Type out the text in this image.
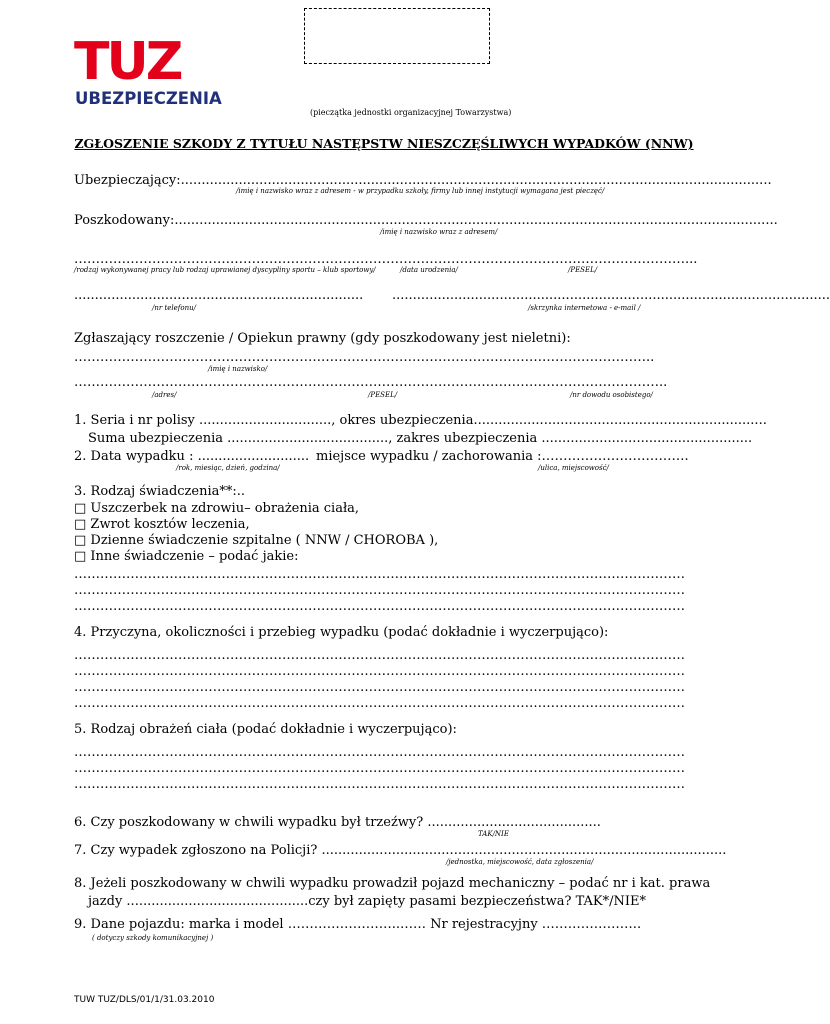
TUZ
UBEZPIECZENIA
(pieczątka jednostki organizacyjnej Towarzystwa)
ZGŁOSZENIE SZKODY Z TYTUŁU NASTĘPSTW NIESZCZĘŚLIWYCH WYPADKÓW (NNW)
Ubezpieczający:...............................................................................................................................................
/imię i nazwisko wraz z adresem - w przypadku szkoły, firmy lub innej instytucji wymagana jest pieczęć/
Poszkodowany:..................................................................................................................................................
/imię i nazwisko wraz z adresem/
……………………………………………………………………………………………………………………………...
/rodzaj wykonywanej pracy lub rodzaj uprawianej dyscypliny sportu – klub sportowy/	/data urodzenia/	/PESEL/
...................................................................... ..........................................................................................................
/nr telefonu/	/skrzynka internetowa - e-mail /
Zgłaszający roszczenie / Opiekun prawny (gdy poszkodowany jest nieletni):
……………………………………………………………………………………………………………………..
/imię i nazwisko/
………………………………………………………………………………………………………………………..
/adres/	/PESEL/	/nr dowodu osobistego/
1. Seria i nr polisy ................................, okres ubezpieczenia.......................................................................
Suma ubezpieczenia ......................................., zakres ubezpieczenia ...................................................
2. Data wypadku : ........................... miejsce wypadku / zachorowania :…………………………….
/rok, miesiąc, dzień, godzina/	/ulica, miejscowość/
3. Rodzaj świadczenia**:..
□ Uszczerbek na zdrowiu– obrażenia ciała,
□ Zwrot kosztów leczenia,
□ Dzienne świadczenie szpitalne ( NNW / CHOROBA ),
□ Inne świadczenie – podać jakie:
……………………………………………………………………………………………………………………………
……………………………………………………………………………………………………………………………
……………………………………………………………………………………………………………………………
4. Przyczyna, okoliczności i przebieg wypadku (podać dokładnie i wyczerpująco):
……………………………………………………………………………………………………………………………
……………………………………………………………………………………………………………………………
……………………………………………………………………………………………………………………………
……………………………………………………………………………………………………………………………
5. Rodzaj obrażeń ciała (podać dokładnie i wyczerpująco):
……………………………………………………………………………………………………………………………
……………………………………………………………………………………………………………………………
……………………………………………………………………………………………………………………………
6. Czy poszkodowany w chwili wypadku był trzeźwy? ..........................................
TAK/NIE
7. Czy wypadek zgłoszono na Policji? ..................................................................................................
/jednostka, miejscowość, data zgłoszenia/
8. Jeżeli poszkodowany w chwili wypadku prowadził pojazd mechaniczny – podać nr i kat. prawa
jazdy ............................................czy był zapięty pasami bezpieczeństwa? TAK*/NIE*
9. Dane pojazdu: marka i model ……………………..…… Nr rejestracyjny …………………..
( dotyczy szkody komunikacyjnej )
TUW TUZ/DLS/01/1/31.03.2010
